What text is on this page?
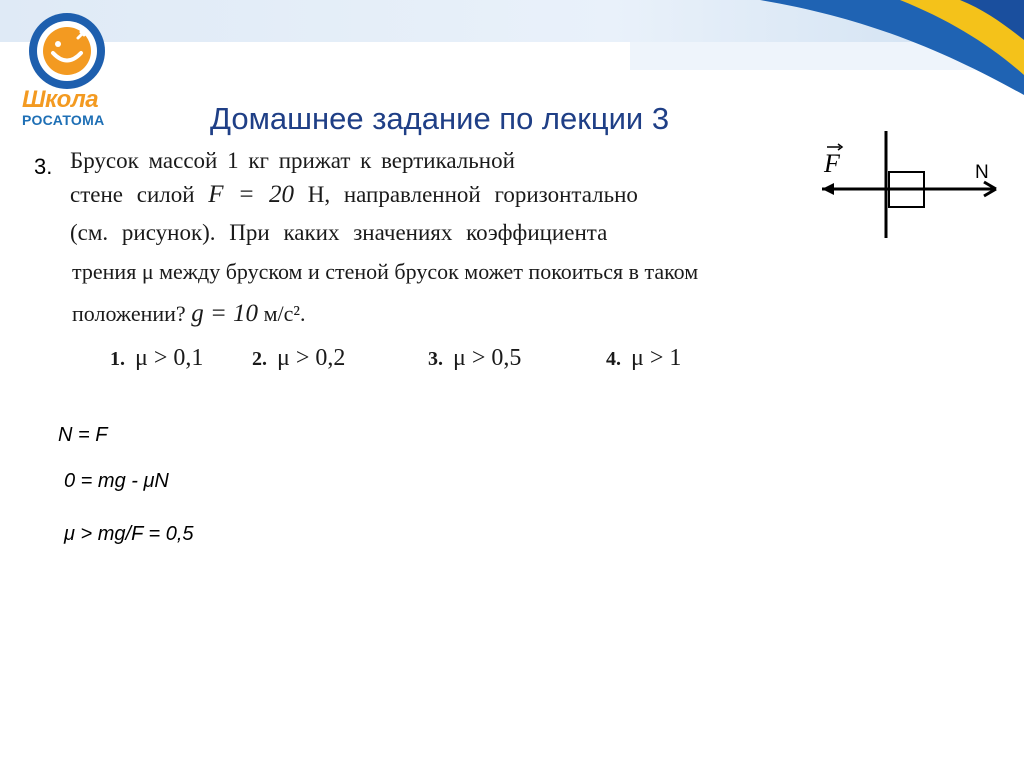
Школа
РОСАТОМА	Домашнее задание по лекции 3
3. Брусок массой 1 кг прижат к вертикальной
стене силой F = 20 Н, направленной горизонтально
(см. рисунок). При каких значениях коэффициента
трения μ между бруском и стеной брусок может покоиться в таком
положении? g = 10 м/с².
1. μ > 0,1 2. μ > 0,2	3. μ > 0,5	4. μ > 1
F	N
N = F
0 = mg - μN
μ > mg/F = 0,5
